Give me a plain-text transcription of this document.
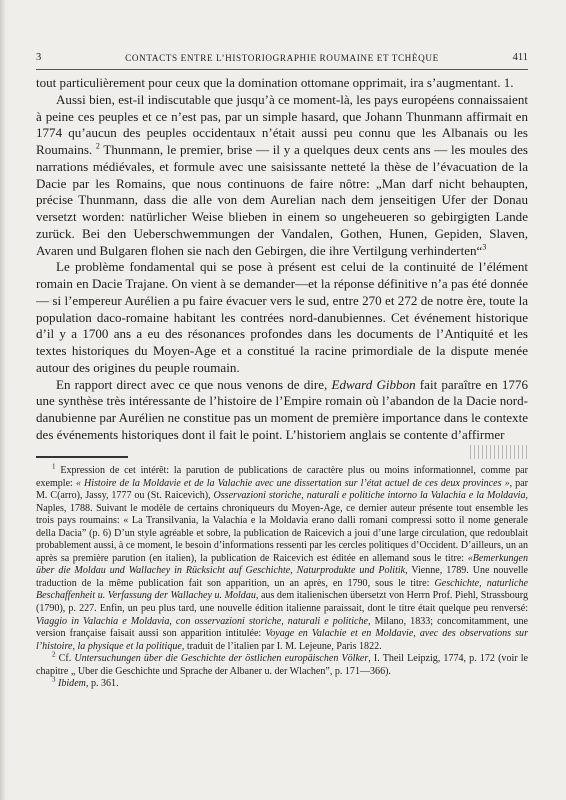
3	CONTACTS ENTRE L’HISTORIOGRAPHIE ROUMAINE ET TCHÈQUE	411

tout particulièrement pour ceux que la domination ottomane opprimait, ira s’augmentant. 1.

Aussi bien, est-il indiscutable que jusqu’à ce moment-là, les pays européens connaissaient à peine ces peuples et ce n’est pas, par un simple hasard, que Johann Thunmann affirmait en 1774 qu’aucun des peuples occidentaux n’était aussi peu connu que les Albanais ou les Roumains. $^2$ Thunmann, le premier, brise — il y a quelques deux cents ans — les moules des narrations médiévales, et formule avec une saisissante netteté la thèse de l’évacuation de la Dacie par les Romains, que nous continuons de faire nôtre: „Man darf nicht behaupten, précise Thunmann, dass die alle von dem Aurelian nach dem jenseitigen Ufer der Donau versetzt worden: natürlicher Weise blieben in einem so ungeheueren so gebirgigten Lande zurück. Bei den Ueberschwemmungen der Vandalen, Gothen, Hunen, Gepiden, Slaven, Avaren und Bulgaren flohen sie nach den Gebirgen, die ihre Vertilgung verhinderten“$^3$

Le problème fondamental qui se pose à présent est celui de la continuité de l’élément romain en Dacie Trajane. On vient à se demander—et la réponse définitive n’a pas été donnée — si l’empereur Aurélien a pu faire évacuer vers le sud, entre 270 et 272 de notre ère, toute la population daco-romaine habitant les contrées nord-danubiennes. Cet événement historique d’il y a 1700 ans a eu des résonances profondes dans les documents de l’Antiquité et les textes historiques du Moyen-Age et a constitué la racine primordiale de la dispute menée autour des origines du peuple roumain.

En rapport direct avec ce que nous venons de dire, Edward Gibbon fait paraître en 1776 une synthèse très intéressante de l’histoire de l’Empire romain où l’abandon de la Dacie nord-danubienne par Aurélien ne constitue pas un moment de première importance dans le contexte des événements historiques dont il fait le point. L’historiem anglais se contente d’affirmer

$^1$ Expression de cet intérêt: la parution de publications de caractère plus ou moins informationnel, comme par exemple: « Histoire de la Moldavie et de la Valachie avec une dissertation sur l’état actuel de ces deux provinces », par M. C(arro), Jassy, 1777 ou (St. Raicevich), Osservazioni storiche, naturali e politiche intorno la Valachia e la Moldavia, Naples, 1788. Suivant le modèle de certains chroniqueurs du Moyen-Age, ce dernier auteur présente tout ensemble les trois pays roumains: « La Transilvania, la Valachia e la Moldavia erano dalli romani compressi sotto il nome generale della Dacia” (p. 6) D’un style agréable et sobre, la publication de Raicevich a joui d’une large circulation, que redoublait probablement aussi, à ce moment, le besoin d’informations ressenti par les cercles politiques d’Occident. D’ailleurs, un an après sa première parution (en italien), la publication de Raicevich est éditée en allemand sous le titre: «Bemerkungen über die Moldau und Wallachey in Rücksicht auf Geschichte, Naturprodukte und Politik, Vienne, 1789. Une nouvelle traduction de la même publication fait son apparition, un an après, en 1790, sous le titre: Geschichte, naturliche Beschaffenheit u. Verfassung der Wallachey u. Moldau, aus dem italienischen übersetzt von Herrn Prof. Piehl, Strassbourg (1790), p. 227. Enfin, un peu plus tard, une nouvelle édition italienne paraissait, dont le titre était quelque peu renversé: Viaggio in Valachia e Moldavia, con osservazioni storiche, naturali e politiche, Milano, 1833; concomitamment, une version française faisait aussi son apparition intitulée: Voyage en Valachie et en Moldavie, avec des observations sur l’histoire, la physique et la politique, traduit de l’italien par I. M. Lejeune, Paris 1822.

$^2$ Cf. Untersuchungen über die Geschichte der östlichen europäischen Völker, I. Theil Leipzig, 1774, p. 172 (voir le chapitre „ Uber die Geschichte und Sprache der Albaner u. der Wlachen”, p. 171—366).

$^3$ Ibidem, p. 361.
